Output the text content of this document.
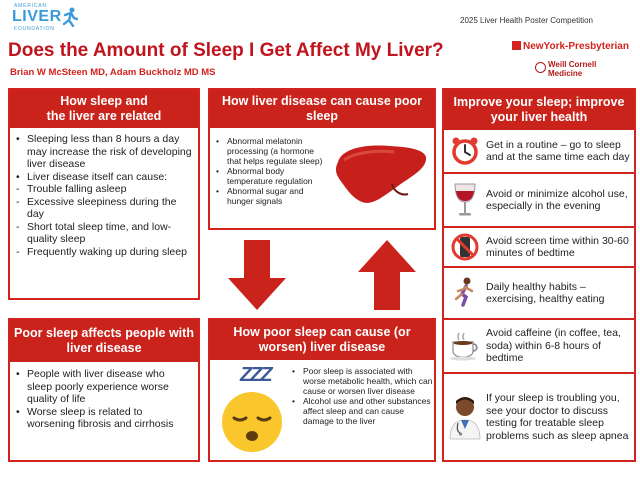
AMERICAN
LIVER
FOUNDATION
2025 Liver Health Poster Competition
Does the Amount of Sleep I Get Affect My Liver?
Brian W McSteen MD, Adam Buckholz MD MS
NewYork-Presbyterian
Weill Cornell
Medicine
How sleep and
the liver are related
• Sleeping less than 8 hours a day may increase the risk of developing liver disease
• Liver disease itself can cause:
- Trouble falling asleep
- Excessive sleepiness during the day
- Short total sleep time, and low-quality sleep
- Frequently waking up during sleep
How liver disease can cause poor sleep
• Abnormal melatonin processing (a hormone that helps regulate sleep)
• Abnormal body temperature regulation
• Abnormal sugar and hunger signals
Poor sleep affects people with liver disease
• People with liver disease who sleep poorly experience worse quality of life
• Worse sleep is related to worsening fibrosis and cirrhosis
How poor sleep can cause (or worsen) liver disease
ZZZ
•	Poor sleep is associated with worse metabolic health, which can cause or worsen liver disease
• Alcohol use and other substances affect sleep and can cause damage to the liver
Improve your sleep; improve your liver health
Get in a routine – go to sleep and at the same time each day
Avoid or minimize alcohol use, especially in the evening
Avoid screen time within 30-60 minutes of bedtime
Daily healthy habits – exercising, healthy eating
Avoid caffeine (in coffee, tea, soda) within 6-8 hours of bedtime
If your sleep is troubling you, see your doctor to discuss testing for treatable sleep problems such as sleep apnea
